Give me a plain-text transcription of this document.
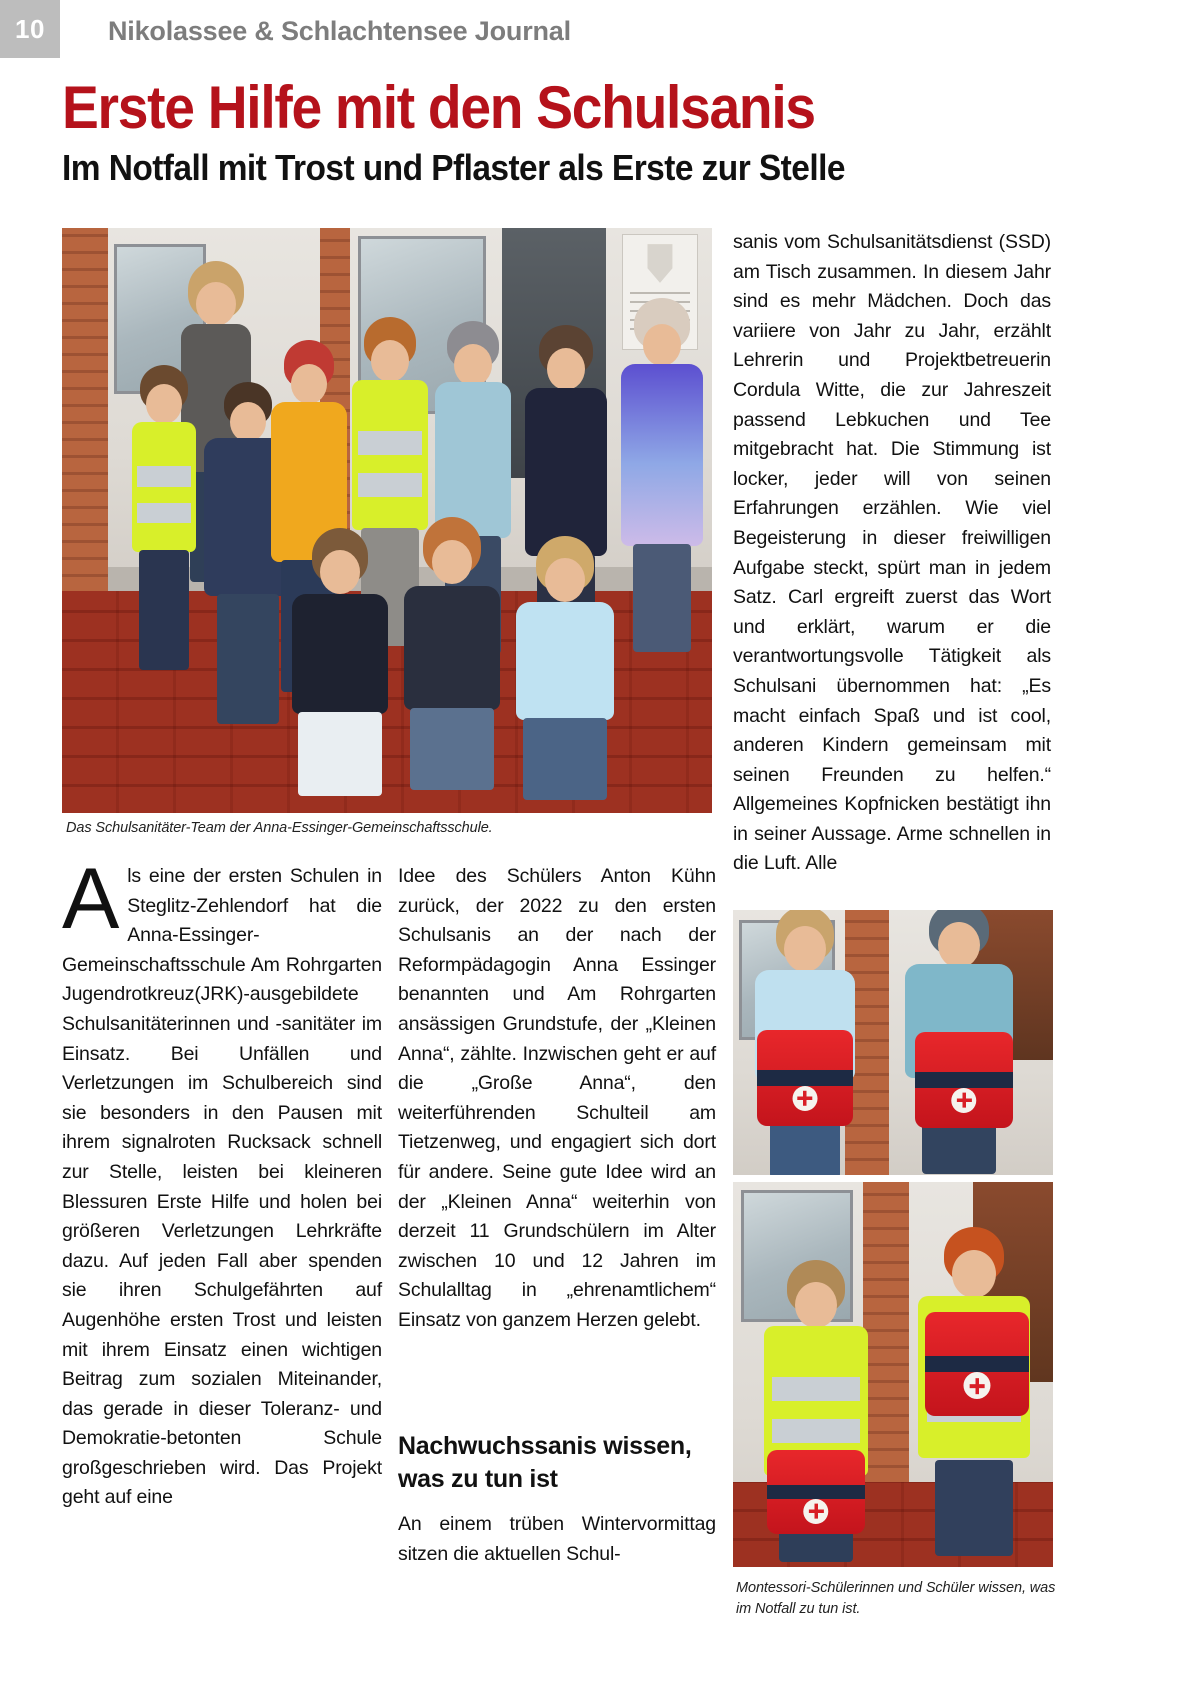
10 Nikolassee & Schlachtensee Journal
Erste Hilfe mit den Schulsanis
Im Notfall mit Trost und Pflaster als Erste zur Stelle
Das Schulsanitäter-Team der Anna-Essinger-Gemeinschaftsschule.

Als eine der ersten Schulen in Steglitz-Zehlendorf hat die Anna-Essinger-Gemeinschaftsschule Am Rohrgarten Jugendrotkreuz(JRK)-ausgebildete Schulsanitäterinnen und -sanitäter im Einsatz. Bei Unfällen und Verletzungen im Schulbereich sind sie besonders in den Pausen mit ihrem signalroten Rucksack schnell zur Stelle, leisten bei kleineren Blessuren Erste Hilfe und holen bei größeren Verletzungen Lehrkräfte dazu. Auf jeden Fall aber spenden sie ihren Schulgefährten auf Augenhöhe ersten Trost und leisten mit ihrem Einsatz einen wichtigen Beitrag zum sozialen Miteinander, das gerade in dieser Toleranz- und Demokratie-betonten Schule großgeschrieben wird. Das Projekt geht auf eine

Idee des Schülers Anton Kühn zurück, der 2022 zu den ersten Schulsanis an der nach der Reformpädagogin Anna Essinger benannten und Am Rohrgarten ansässigen Grundstufe, der „Kleinen Anna“, zählte. Inzwischen geht er auf die „Große Anna“, den weiterführenden Schulteil am Tietzenweg, und engagiert sich dort für andere. Seine gute Idee wird an der „Kleinen Anna“ weiterhin von derzeit 11 Grundschülern im Alter zwischen 10 und 12 Jahren im Schulalltag in „ehrenamtlichem“ Einsatz von ganzem Herzen gelebt.

Nachwuchssanis wissen, was zu tun ist
An einem trüben Wintervormittag sitzen die aktuellen Schul-

sanis vom Schulsanitätsdienst (SSD) am Tisch zusammen. In diesem Jahr sind es mehr Mädchen. Doch das variiere von Jahr zu Jahr, erzählt Lehrerin und Projektbetreuerin Cordula Witte, die zur Jahreszeit passend Lebkuchen und Tee mitgebracht hat. Die Stimmung ist locker, jeder will von seinen Erfahrungen erzählen. Wie viel Begeisterung in dieser freiwilligen Aufgabe steckt, spürt man in jedem Satz. Carl ergreift zuerst das Wort und erklärt, warum er die verantwortungsvolle Tätigkeit als Schulsani übernommen hat: „Es macht einfach Spaß und ist cool, anderen Kindern gemeinsam mit seinen Freunden zu helfen.“ Allgemeines Kopfnicken bestätigt ihn in seiner Aussage. Arme schnellen in die Luft. Alle

Montessori-Schülerinnen und Schüler wissen, was im Notfall zu tun ist.
